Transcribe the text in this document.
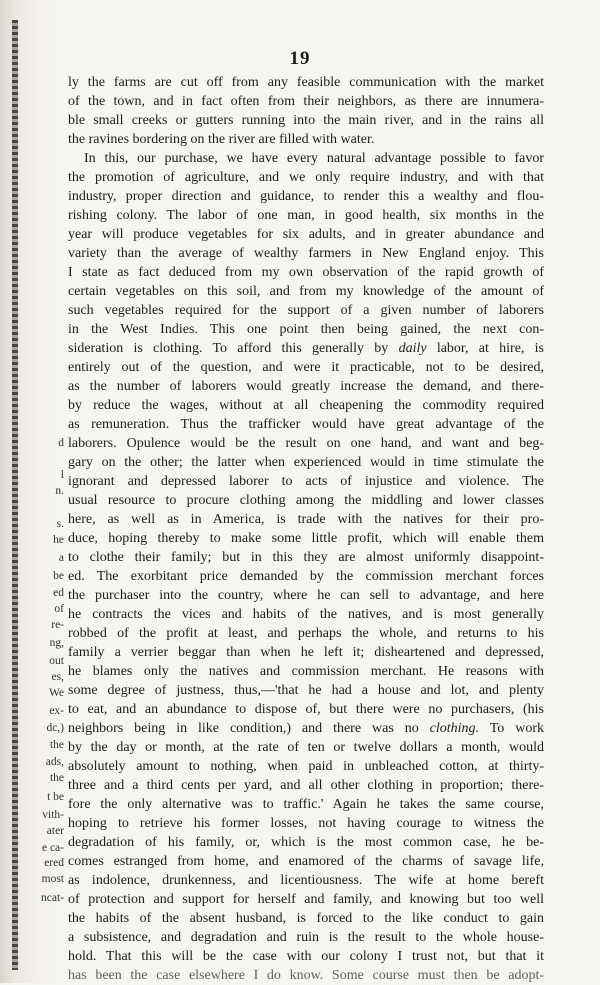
d
l
n.
s.
he
a
be
ed
of
re-
ng,
out
es,
We
ex-
dc,)
the
ads,
the
t be
vith-
ater
e ca-
ered
most
ncat-
19
ly the farms are cut off from any feasible communication with the market
of the town, and in fact often from their neighbors, as there are innumera-
ble small creeks or gutters running into the main river, and in the rains all
the ravines bordering on the river are filled with water.
In this, our purchase, we have every natural advantage possible to favor
the promotion of agriculture, and we only require industry, and with that
industry, proper direction and guidance, to render this a wealthy and flou-
rishing colony. The labor of one man, in good health, six months in the
year will produce vegetables for six adults, and in greater abundance and
variety than the average of wealthy farmers in New England enjoy. This
I state as fact deduced from my own observation of the rapid growth of
certain vegetables on this soil, and from my knowledge of the amount of
such vegetables required for the support of a given number of laborers
in the West Indies. This one point then being gained, the next con-
sideration is clothing. To afford this generally by daily labor, at hire, is
entirely out of the question, and were it practicable, not to be desired,
as the number of laborers would greatly increase the demand, and there-
by reduce the wages, without at all cheapening the commodity required
as remuneration. Thus the trafficker would have great advantage of the
laborers. Opulence would be the result on one hand, and want and beg-
gary on the other; the latter when experienced would in time stimulate the
ignorant and depressed laborer to acts of injustice and violence. The
usual resource to procure clothing among the middling and lower classes
here, as well as in America, is trade with the natives for their pro-
duce, hoping thereby to make some little profit, which will enable them
to clothe their family; but in this they are almost uniformly disappoint-
ed. The exorbitant price demanded by the commission merchant forces
the purchaser into the country, where he can sell to advantage, and here
he contracts the vices and habits of the natives, and is most generally
robbed of the profit at least, and perhaps the whole, and returns to his
family a verrier beggar than when he left it; disheartened and depressed,
he blames only the natives and commission merchant. He reasons with
some degree of justness, thus,—'that he had a house and lot, and plenty
to eat, and an abundance to dispose of, but there were no purchasers, (his
neighbors being in like condition,) and there was no clothing. To work
by the day or month, at the rate of ten or twelve dollars a month, would
absolutely amount to nothing, when paid in unbleached cotton, at thirty-
three and a third cents per yard, and all other clothing in proportion; there-
fore the only alternative was to traffic.' Again he takes the same course,
hoping to retrieve his former losses, not having courage to witness the
degradation of his family, or, which is the most common case, he be-
comes estranged from home, and enamored of the charms of savage life,
as indolence, drunkenness, and licentiousness. The wife at home bereft
of protection and support for herself and family, and knowing but too well
the habits of the absent husband, is forced to the like conduct to gain
a subsistence, and degradation and ruin is the result to the whole house-
hold. That this will be the case with our colony I trust not, but that it
has been the case elsewhere I do know. Some course must then be adopt-
